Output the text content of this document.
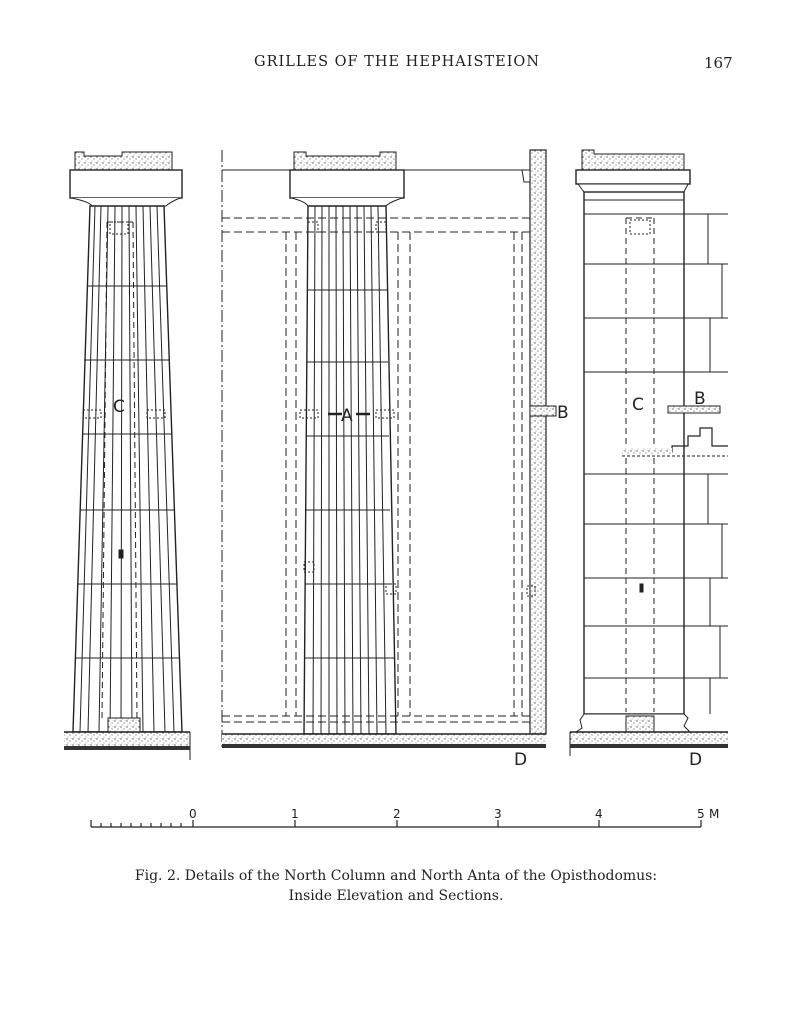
GRILLES OF THE HEPHAISTEION	167
C	A	B
D
C	B
D
0	1	2	3	4	5 M
Fig. 2. Details of the North Column and North Anta of the Opisthodomus:
Inside Elevation and Sections.
